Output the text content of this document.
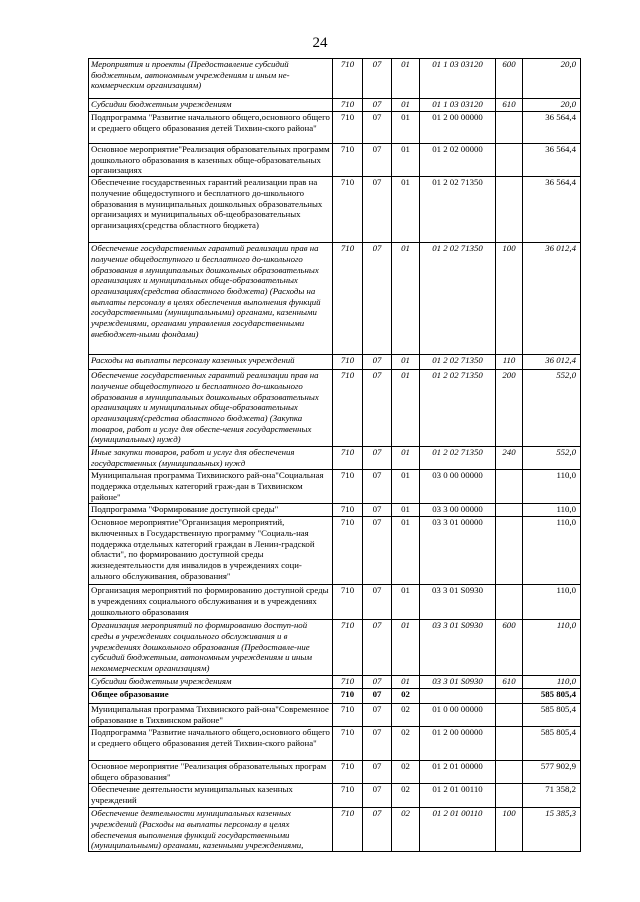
24
Мероприятия и проекты (Предоставление субсидий бюджетным, автономным учреждениям и иным не-коммерческим организациям)	710	07	01	01 1 03 03120	600	20,0
Субсидии бюджетным учреждениям	710	07	01	01 1 03 03120	610	20,0
Подпрограмма "Развитие начального общего,основного общего и среднего общего образования детей Тихвин-ского района"	710	07	01	01 2 00 00000		36 564,4
Основное мероприятие"Реализация образовательных программ дошкольного образования в казенных обще-образовательных организациях	710	07	01	01 2 02 00000		36 564,4
Обеспечение государственных гарантий реализации прав на получение общедоступного и бесплатного до-школьного образования в муниципальных дошкольных образовательных организациях и муниципальных об-щеобразовательных организациях(средства областного бюджета)	710	07	01	01 2 02 71350		36 564,4
Обеспечение государственных гарантий реализации прав на получение общедоступного и бесплатного до-школьного образования в муниципальных дошкольных образовательных организациях и муниципальных обще-образовательных организациях(средства областного бюджета) (Расходы на выплаты персоналу в целях обеспечения выполнения функций государственными (муниципальными) органами, казенными учреждениями, органами управления государственными внебюджет-ными фондами)	710	07	01	01 2 02 71350	100	36 012,4
Расходы на выплаты персоналу казенных учреждений	710	07	01	01 2 02 71350	110	36 012,4
Обеспечение государственных гарантий реализации прав на получение общедоступного и бесплатного до-школьного образования в муниципальных дошкольных образовательных организациях и муниципальных обще-образовательных организациях(средства областного бюджета) (Закупка товаров, работ и услуг для обеспе-чения государственных (муниципальных) нужд)	710	07	01	01 2 02 71350	200	552,0
Иные закупки товаров, работ и услуг для обеспечения государственных (муниципальных) нужд	710	07	01	01 2 02 71350	240	552,0
Муниципальная программа Тихвинского рай-она"Социальная поддержка отдельных категорий граж-дан в Тихвинском районе"	710	07	01	03 0 00 00000		110,0
Подпрограмма "Формирование доступной среды"	710	07	01	03 3 00 00000		110,0
Основное мероприятие"Организация мероприятий, включенных в Государственную программу "Социаль-ная поддержка отдельных категорий граждан в Ленин-градской области", по формированию доступной среды жизнедеятельности для инвалидов в учреждениях соци-ального обслуживания, образования"	710	07	01	03 3 01 00000		110,0
Организация мероприятий по формированию доступной среды в учреждениях социального обслуживания и в учреждениях дошкольного образования	710	07	01	03 3 01 S0930		110,0
Организация мероприятий по формированию доступ-ной среды в учреждениях социального обслуживания и в учреждениях дошкольного образования (Предоставле-ние субсидий бюджетным, автономным учреждениям и иным некоммерческим организациям)	710	07	01	03 3 01 S0930	600	110,0
Субсидии бюджетным учреждениям	710	07	01	03 3 01 S0930	610	110,0
Общее образование	710	07	02			585 805,4
Муниципальная программа Тихвинского рай-она"Современное образование в Тихвинском районе"	710	07	02	01 0 00 00000		585 805,4
Подпрограмма "Развитие начального общего,основного общего и среднего общего образования детей Тихвин-ского района"	710	07	02	01 2 00 00000		585 805,4
Основное мероприятие "Реализация образовательных програм общего образования"	710	07	02	01 2 01 00000		577 902,9
Обеспечение деятельности муниципальных казенных учреждений	710	07	02	01 2 01 00110		71 358,2
Обеспечение деятельности муниципальных казенных учреждений (Расходы на выплаты персоналу в целях обеспечения выполнения функций государственными (муниципальными) органами, казенными учреждениями,	710	07	02	01 2 01 00110	100	15 385,3
